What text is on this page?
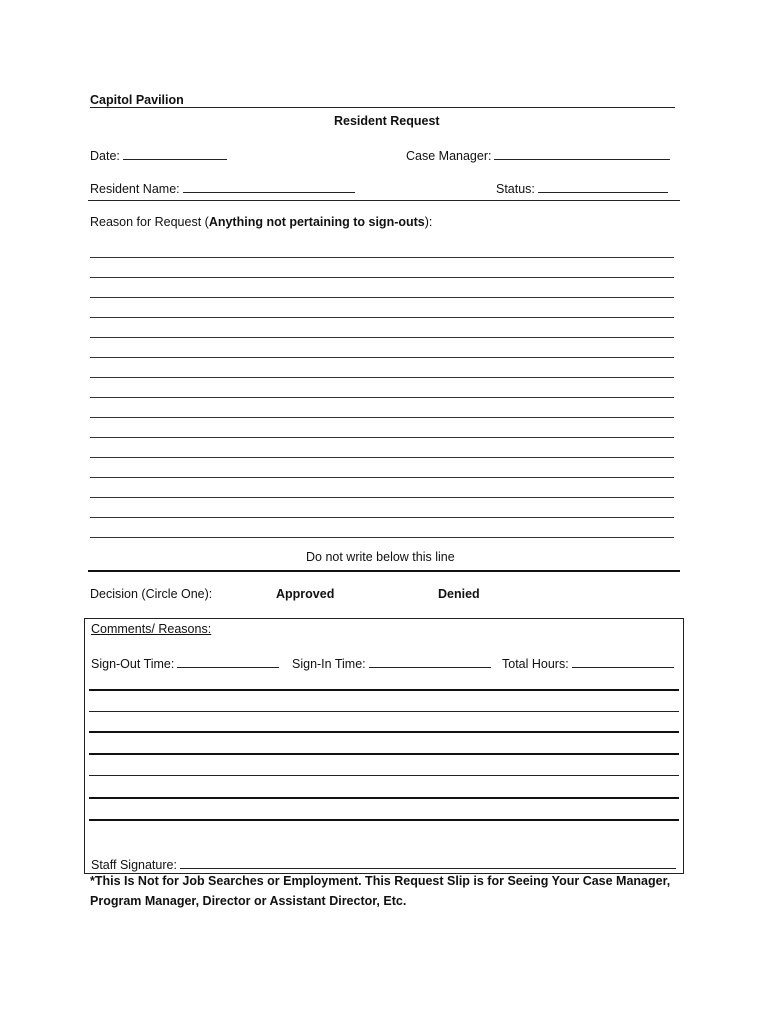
Capitol Pavilion
Resident Request
Date:	Case Manager:
Resident Name:	Status:
Reason for Request (Anything not pertaining to sign-outs):
Do not write below this line
Decision (Circle One):	Approved	Denied
Comments/ Reasons:
Sign-Out Time:	Sign-In Time:	Total Hours:
Staff Signature:
*This Is Not for Job Searches or Employment. This Request Slip is for Seeing Your Case Manager,
Program Manager, Director or Assistant Director, Etc.
